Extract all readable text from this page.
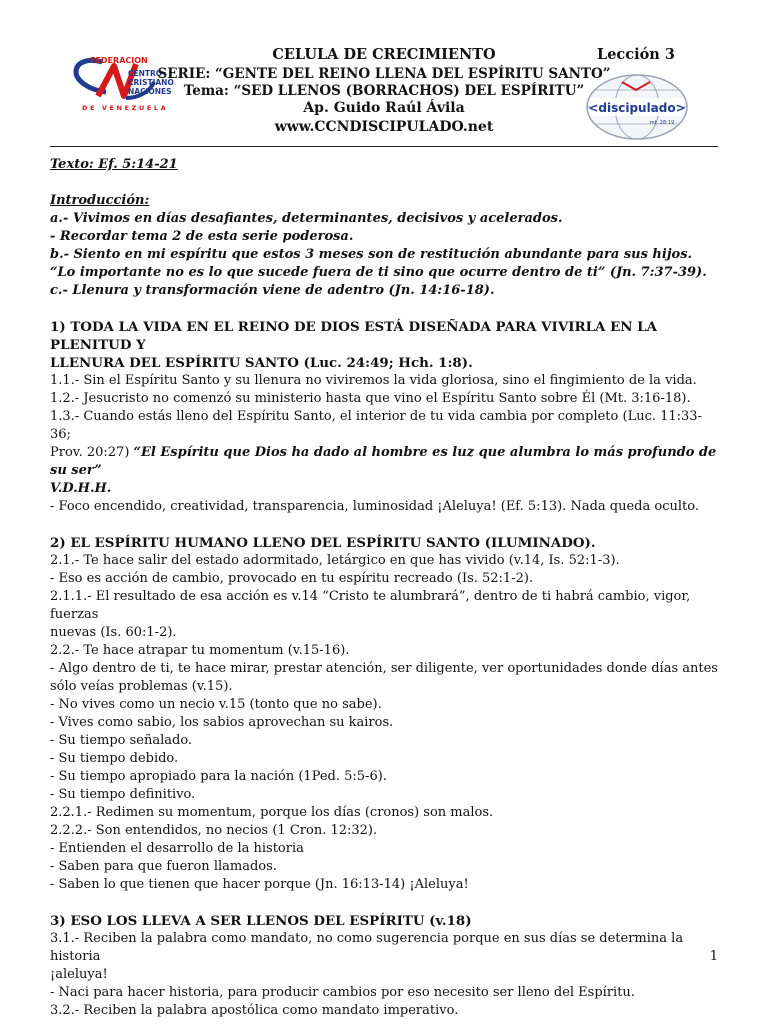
FEDERACION
CENTRO
CRISTIANO
NACIONES
DE VENEZUELA
CELULA DE CRECIMIENTO	Lección 3
SERIE: “GENTE DEL REINO LLENA DEL ESPÍRITU SANTO”
Tema: “SED LLENOS (BORRACHOS) DEL ESPÍRITU”
Ap. Guido Raúl Ávila
www.CCNDISCIPULADO.net
<discipulado>
mt. 28:19

Texto: Ef. 5:14-21

Introducción:

a.- Vivimos en días desafiantes, determinantes, decisivos y acelerados.

- Recordar tema 2 de esta serie poderosa.

b.- Siento en mi espíritu que estos 3 meses son de restitución abundante para sus hijos.

“Lo importante no es lo que sucede fuera de ti sino que ocurre dentro de ti” (Jn. 7:37-39).

c.- Llenura y transformación viene de adentro (Jn. 14:16-18).

1) TODA LA VIDA EN EL REINO DE DIOS ESTÁ DISEÑADA PARA VIVIRLA EN LA PLENITUD Y

LLENURA DEL ESPÍRITU SANTO (Luc. 24:49; Hch. 1:8).

1.1.- Sin el Espíritu Santo y su llenura no viviremos la vida gloriosa, sino el fingimiento de la vida.

1.2.- Jesucristo no comenzó su ministerio hasta que vino el Espíritu Santo sobre Él (Mt. 3:16-18).

1.3.- Cuando estás lleno del Espíritu Santo, el interior de tu vida cambia por completo (Luc. 11:33-36;

Prov. 20:27) “El Espíritu que Dios ha dado al hombre es luz que alumbra lo más profundo de su ser”

V.D.H.H.

- Foco encendido, creatividad, transparencia, luminosidad ¡Aleluya! (Ef. 5:13). Nada queda oculto.

2) EL ESPÍRITU HUMANO LLENO DEL ESPÍRITU SANTO (ILUMINADO).

2.1.- Te hace salir del estado adormitado, letárgico en que has vivido (v.14, Is. 52:1-3).

- Eso es acción de cambio, provocado en tu espíritu recreado (Is. 52:1-2).

2.1.1.- El resultado de esa acción es v.14 “Cristo te alumbrará”, dentro de ti habrá cambio, vigor, fuerzas

nuevas (Is. 60:1-2).

2.2.- Te hace atrapar tu momentum (v.15-16).

- Algo dentro de ti, te hace mirar, prestar atención, ser diligente, ver oportunidades donde días antes

sólo veías problemas (v.15).

- No vives como un necio v.15 (tonto que no sabe).

- Vives como sabio, los sabios aprovechan su kairos.

- Su tiempo señalado.

- Su tiempo debido.

- Su tiempo apropiado para la nación (1Ped. 5:5-6).

- Su tiempo definitivo.

2.2.1.- Redimen su momentum, porque los días (cronos) son malos.

2.2.2.- Son entendidos, no necios (1 Cron. 12:32).

- Entienden el desarrollo de la historia

- Saben para que fueron llamados.

- Saben lo que tienen que hacer porque (Jn. 16:13-14) ¡Aleluya!

3) ESO LOS LLEVA A SER LLENOS DEL ESPÍRITU (v.18)

3.1.- Reciben la palabra como mandato, no como sugerencia porque en sus días se determina la historia

¡aleluya!

- Naci para hacer historia, para producir cambios por eso necesito ser lleno del Espíritu.

3.2.- Reciben la palabra apostólica como mandato imperativo.

1
